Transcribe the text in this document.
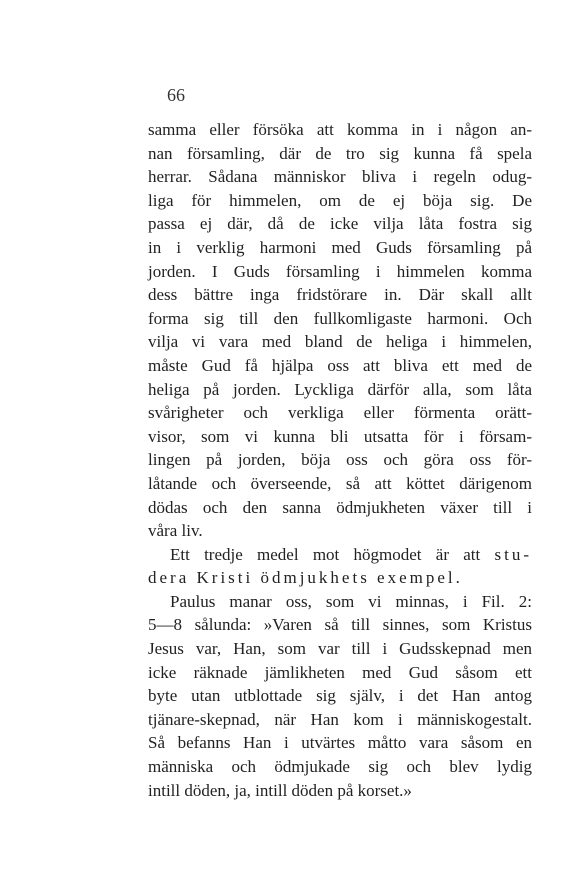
66
samma eller försöka att komma in i någon an-
nan församling, där de tro sig kunna få spela
herrar. Sådana människor bliva i regeln odug-
liga för himmelen, om de ej böja sig. De
passa ej där, då de icke vilja låta fostra sig
in i verklig harmoni med Guds församling på
jorden. I Guds församling i himmelen komma
dess bättre inga fridstörare in. Där skall allt
forma sig till den fullkomligaste harmoni. Och
vilja vi vara med bland de heliga i himmelen,
måste Gud få hjälpa oss att bliva ett med de
heliga på jorden. Lyckliga därför alla, som låta
svårigheter och verkliga eller förmenta orätt-
visor, som vi kunna bli utsatta för i försam-
lingen på jorden, böja oss och göra oss för-
låtande och överseende, så att köttet därigenom
dödas och den sanna ödmjukheten växer till i
våra liv.
Ett tredje medel mot högmodet är att stu-
dera Kristi ödmjukhets exempel.
Paulus manar oss, som vi minnas, i Fil. 2:
5—8 sålunda: »Varen så till sinnes, som Kristus
Jesus var, Han, som var till i Gudsskepnad men
icke räknade jämlikheten med Gud såsom ett
byte utan utblottade sig själv, i det Han antog
tjänare-skepnad, när Han kom i människogestalt.
Så befanns Han i utvärtes måtto vara såsom en
människa och ödmjukade sig och blev lydig
intill döden, ja, intill döden på korset.»
